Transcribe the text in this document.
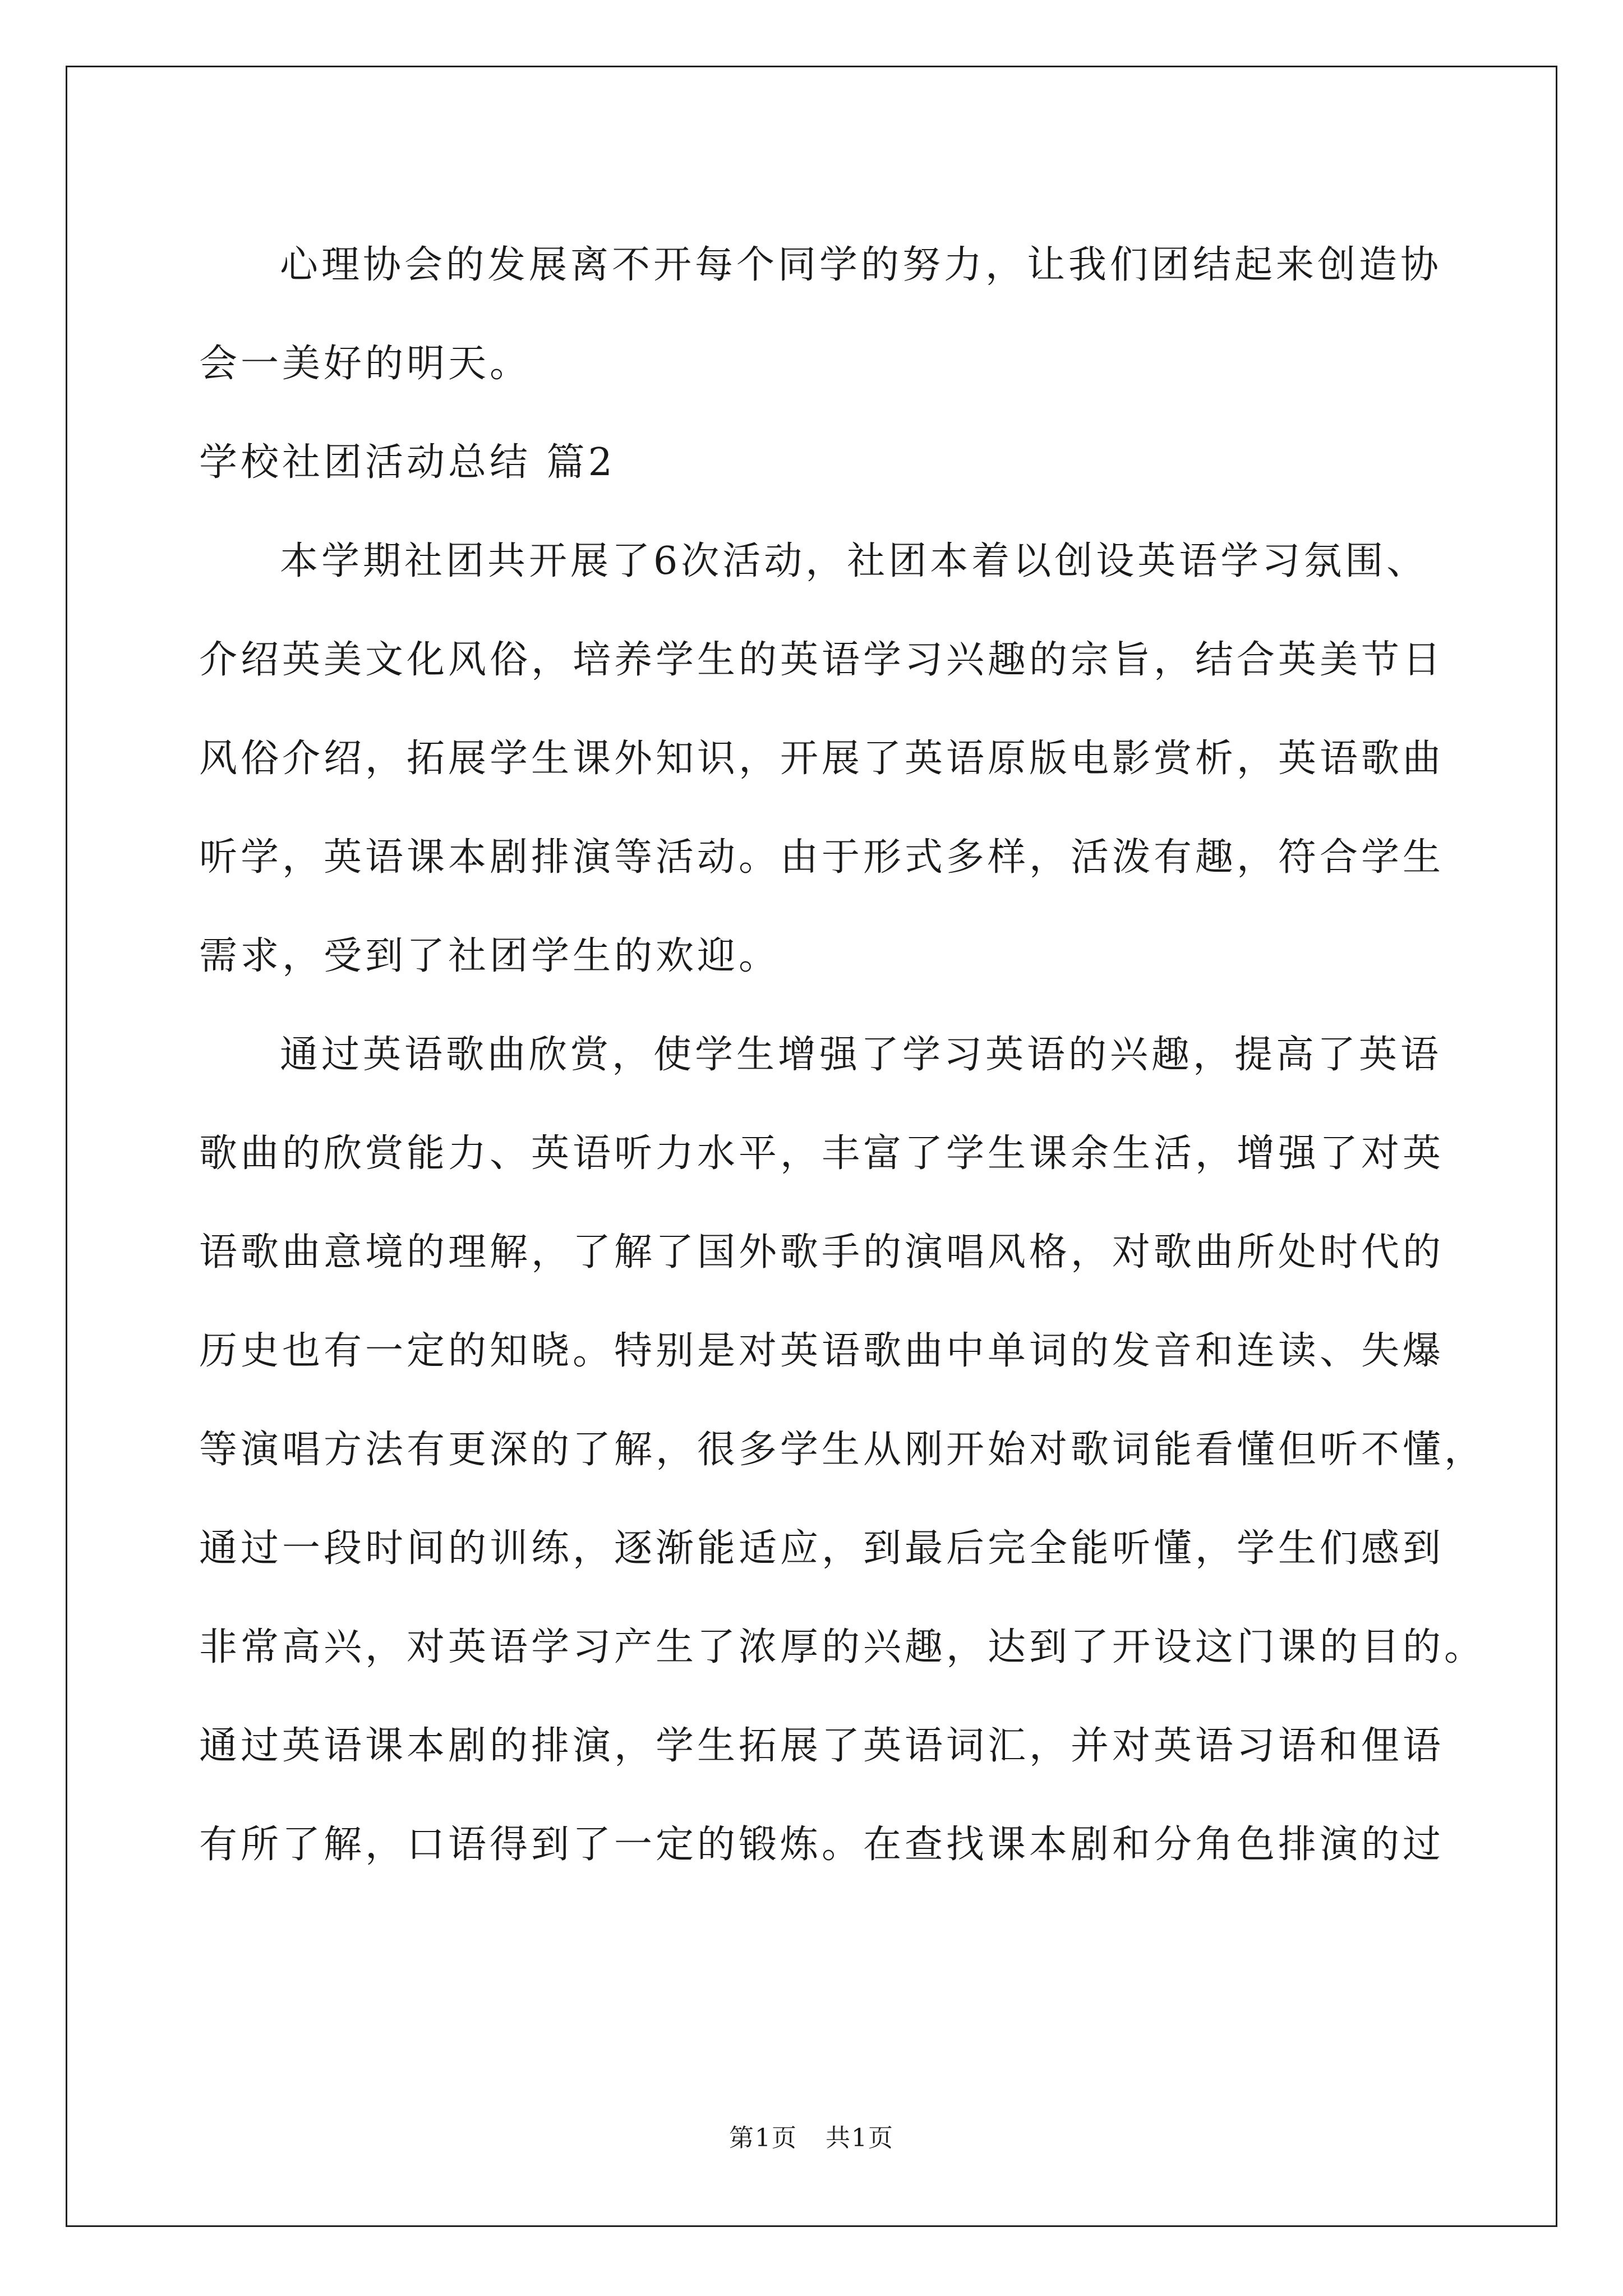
心理协会的发展离不开每个同学的努力，让我们团结起来创造协
会一美好的明天。
学校社团活动总结 篇2
本学期社团共开展了6次活动，社团本着以创设英语学习氛围、
介绍英美文化风俗，培养学生的英语学习兴趣的宗旨，结合英美节日
风俗介绍，拓展学生课外知识，开展了英语原版电影赏析，英语歌曲
听学，英语课本剧排演等活动。由于形式多样，活泼有趣，符合学生
需求，受到了社团学生的欢迎。
通过英语歌曲欣赏，使学生增强了学习英语的兴趣，提高了英语
歌曲的欣赏能力、英语听力水平，丰富了学生课余生活，增强了对英
语歌曲意境的理解，了解了国外歌手的演唱风格，对歌曲所处时代的
历史也有一定的知晓。特别是对英语歌曲中单词的发音和连读、失爆
等演唱方法有更深的了解，很多学生从刚开始对歌词能看懂但听不懂，
通过一段时间的训练，逐渐能适应，到最后完全能听懂，学生们感到
非常高兴，对英语学习产生了浓厚的兴趣，达到了开设这门课的目的。
通过英语课本剧的排演，学生拓展了英语词汇，并对英语习语和俚语
有所了解，口语得到了一定的锻炼。在查找课本剧和分角色排演的过
第1页 共1页
